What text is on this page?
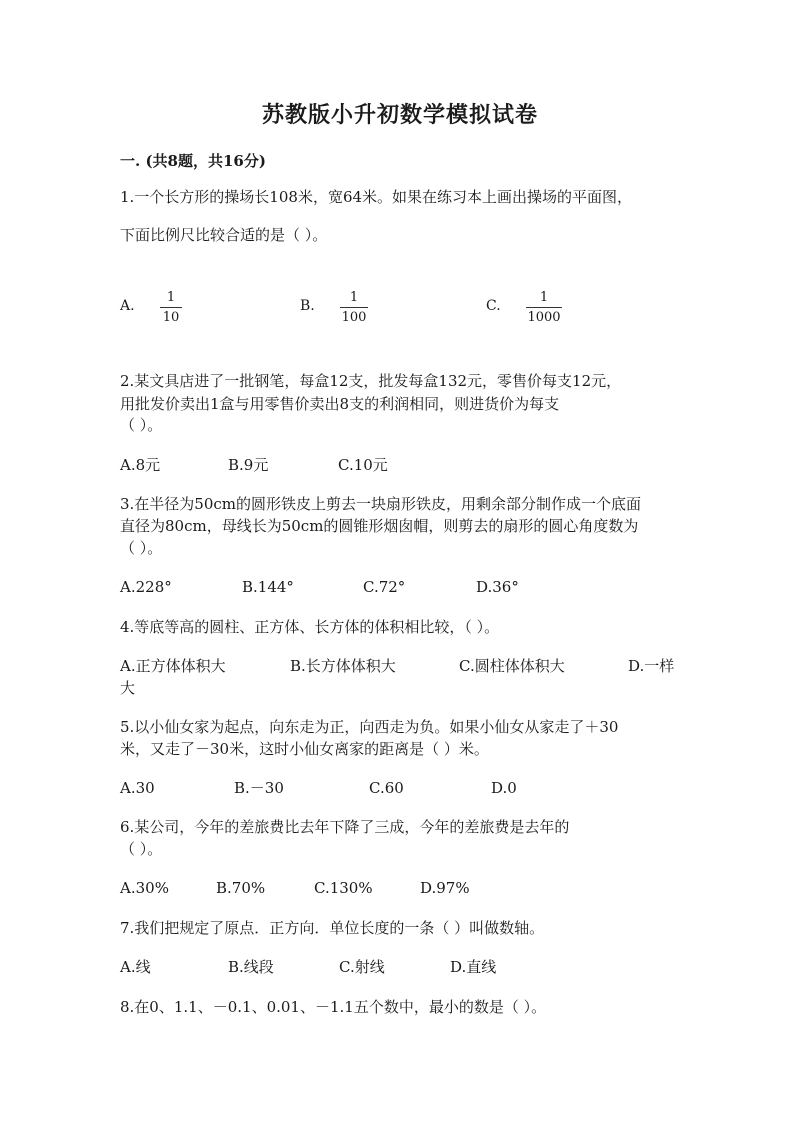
苏教版小升初数学模拟试卷
一. (共8题，共16分)
1.一个长方形的操场长108米，宽64米。如果在练习本上画出操场的平面图，
下面比例尺比较合适的是（ ）。
A.
1
10
B.
1
100
C.
1
1000
2.某文具店进了一批钢笔，每盒12支，批发每盒132元，零售价每支12元，
用批发价卖出1盒与用零售价卖出8支的利润相同，则进货价为每支
（ ）。
A.8元	B.9元	C.10元
3.在半径为50cm的圆形铁皮上剪去一块扇形铁皮，用剩余部分制作成一个底面
直径为80cm，母线长为50cm的圆锥形烟囱帽，则剪去的扇形的圆心角度数为
（ ）。
A.228°	B.144°	C.72°	D.36°
4.等底等高的圆柱、正方体、长方体的体积相比较，（ ）。
A.正方体体积大	B.长方体体积大	C.圆柱体体积大	D.一样
大
5.以小仙女家为起点，向东走为正，向西走为负。如果小仙女从家走了＋30
米，又走了－30米，这时小仙女离家的距离是（ ）米。
A.30	B.－30	C.60	D.0
6.某公司，今年的差旅费比去年下降了三成，今年的差旅费是去年的
（ ）。
A.30%	B.70%	C.130%	D.97%
7.我们把规定了原点．正方向．单位长度的一条（ ）叫做数轴。
A.线	B.线段	C.射线	D.直线
8.在0、1.1、－0.1、0.01、－1.1五个数中，最小的数是（ ）。
